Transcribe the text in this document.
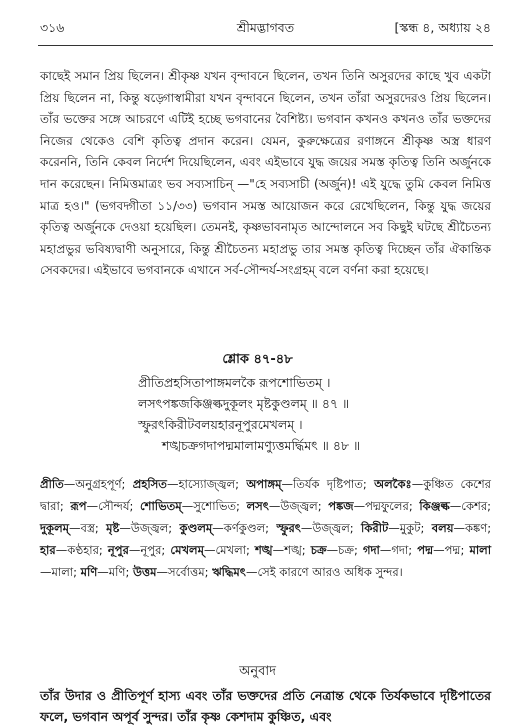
৩১৬	শ্রীমদ্ভাগবত	[স্কন্ধ ৪, অধ্যায় ২৪

কাছেই সমান প্রিয় ছিলেন। শ্রীকৃষ্ণ যখন বৃন্দাবনে ছিলেন, তখন তিনি অসুরদের কাছে খুব একটা প্রিয় ছিলেন না, কিন্তু ষড়্গোস্বামীরা যখন বৃন্দাবনে ছিলেন, তখন তাঁরা অসুরদেরও প্রিয় ছিলেন। তাঁর ভক্তের সঙ্গে আচরণে এটিই হচ্ছে ভগবানের বৈশিষ্ট্য। ভগবান কখনও কখনও তাঁর ভক্তদের নিজের থেকেও বেশি কৃতিত্ব প্রদান করেন। যেমন, কুরুক্ষেত্রের রণাঙ্গনে শ্রীকৃষ্ণ অস্ত্র ধারণ করেননি, তিনি কেবল নির্দেশ দিয়েছিলেন, এবং এইভাবে যুদ্ধ জয়ের সমস্ত কৃতিত্ব তিনি অর্জুনকে দান করেছেন। নিমিত্তমাত্রং ভব সব্যসাচিন্ —"হে সব্যসাচী (অর্জুন)! এই যুদ্ধে তুমি কেবল নিমিত্ত মাত্র হও।" (ভগবদ্গীতা ১১/৩৩) ভগবান সমস্ত আয়োজন করে রেখেছিলেন, কিন্তু যুদ্ধ জয়ের কৃতিত্ব অর্জুনকে দেওয়া হয়েছিল। তেমনই, কৃষ্ণভাবনামৃত আন্দোলনে সব কিছুই ঘটছে শ্রীচৈতন্য মহাপ্রভুর ভবিষ্যদ্বাণী অনুসারে, কিন্তু শ্রীচৈতন্য মহাপ্রভু তার সমস্ত কৃতিত্ব দিচ্ছেন তাঁর ঐকান্তিক সেবকদের। এইভাবে ভগবানকে এখানে সর্ব-সৌন্দর্য-সংগ্রহম্ বলে বর্ণনা করা হয়েছে।

শ্লোক ৪৭-৪৮
প্রীতিপ্রহসিতাপাঙ্গমলকৈ রূপশোভিতম্ ।
লসৎপঙ্কজকিঞ্জল্কদুকূলং মৃষ্টকুণ্ডলম্ ॥ ৪৭ ॥
স্ফুরৎকিরীটবলয়হারনূপুরমেখলম্ ।
শঙ্খচক্রগদাপদ্মমালামণ্যুত্তমর্দ্ধিমৎ ॥ ৪৮ ॥

প্রীতি—অনুগ্রহপূর্ণ; প্রহসিত—হাস্যোজ্জ্বল; অপাঙ্গম্—তির্যক দৃষ্টিপাত; অলকৈঃ—কুঞ্চিত কেশের দ্বারা; রূপ—সৌন্দর্য; শোভিতম্—সুশোভিত; লসৎ—উজ্জ্বল; পঙ্কজ—পদ্মফুলের; কিঞ্জল্ক—কেশর; দুকূলম্—বস্ত্র; মৃষ্ট—উজ্জ্বল; কুণ্ডলম্—কর্ণকুণ্ডল; স্ফুরৎ—উজ্জ্বল; কিরীট—মুকুট; বলয়—কঙ্কণ; হার—কণ্ঠহার; নূপুর—নূপুর; মেখলম্—মেখলা; শঙ্খ—শঙ্খ; চক্র—চক্র; গদা—গদা; পদ্ম—পদ্ম; মালা—মালা; মণি—মণি; উত্তম—সর্বোত্তম; ঋদ্ধিমৎ—সেই কারণে আরও অধিক সুন্দর।

অনুবাদ

তাঁর উদার ও প্রীতিপূর্ণ হাস্য এবং তাঁর ভক্তদের প্রতি নেত্রান্ত থেকে তির্যকভাবে দৃষ্টিপাতের ফলে, ভগবান অপূর্ব সুন্দর। তাঁর কৃষ্ণ কেশদাম কুঞ্চিত, এবং
